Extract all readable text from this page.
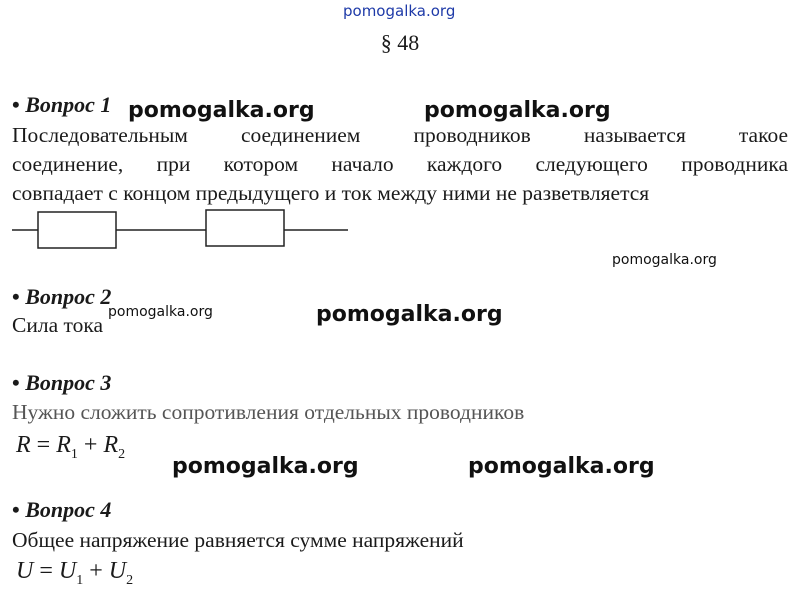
pomogalka.org
§ 48
• Вопрос 1
Последовательным соединением проводников называется такое
соединение, при котором начало каждого следующего проводника
совпадает с концом предыдущего и ток между ними не разветвляется
• Вопрос 2
Сила тока
• Вопрос 3
Нужно сложить сопротивления отдельных проводников
$R = R_1 + R_2$
• Вопрос 4
Общее напряжение равняется сумме напряжений
$U = U_1 + U_2$
pomogalka.org	pomogalka.org
pomogalka.org
pomogalka.org	pomogalka.org
pomogalka.org	pomogalka.org
